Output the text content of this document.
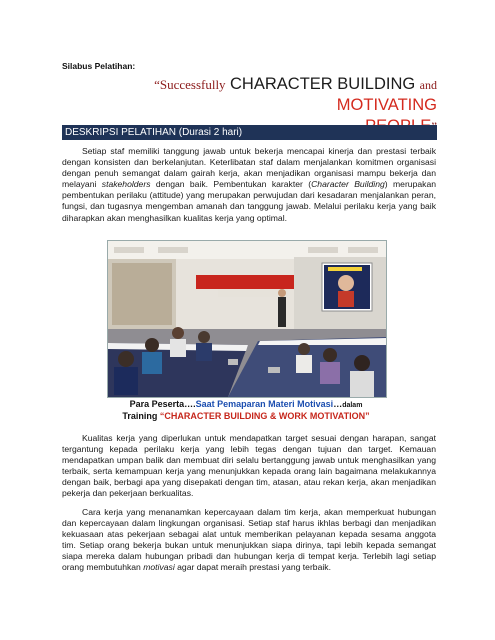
Silabus Pelatihan:
“Successfully CHARACTER BUILDING and MOTIVATING

DESKRIPSI PELATIHAN (Durasi 2 hari)

Setiap staf memiliki tanggung jawab untuk bekerja mencapai kinerja dan prestasi terbaik dengan konsisten dan berkelanjutan. Keterlibatan staf dalam menjalankan komitmen organisasi dengan penuh semangat dalam gairah kerja, akan menjadikan organisasi mampu bekerja dan melayani stakeholders dengan baik. Pembentukan karakter (Character Building) merupakan pembentukan perilaku (attitude) yang merupakan perwujudan dari kesadaran menjalankan peran, fungsi, dan tugasnya mengemban amanah dan tanggung jawab. Melalui perilaku kerja yang baik diharapkan akan menghasilkan kualitas kerja yang optimal.

Para Peserta….Saat Pemaparan Materi Motivasi…dalam
Training “CHARACTER BUILDING & WORK MOTIVATION”

Kualitas kerja yang diperlukan untuk mendapatkan target sesuai dengan harapan, sangat tergantung kepada perilaku kerja yang lebih tegas dengan tujuan dan target. Kemauan mendapatkan umpan balik dan membuat diri selalu bertanggung jawab untuk menghasilkan yang terbaik, serta kemampuan kerja yang menunjukkan kepada orang lain bagaimana melakukannya dengan baik, berbagi apa yang disepakati dengan tim, atasan, atau rekan kerja, akan menjadikan pekerja dan pekerjaan berkualitas.

Cara kerja yang menanamkan kepercayaan dalam tim kerja, akan memperkuat hubungan dan kepercayaan dalam lingkungan organisasi. Setiap staf harus ikhlas berbagi dan menjadikan kekuasaan atas pekerjaan sebagai alat untuk memberikan pelayanan kepada sesama anggota tim. Setiap orang bekerja bukan untuk menunjukkan siapa dirinya, tapi lebih kepada semangat siapa mereka dalam hubungan pribadi dan hubungan kerja di tempat kerja. Terlebih lagi setiap orang membutuhkan motivasi agar dapat meraih prestasi yang terbaik.
